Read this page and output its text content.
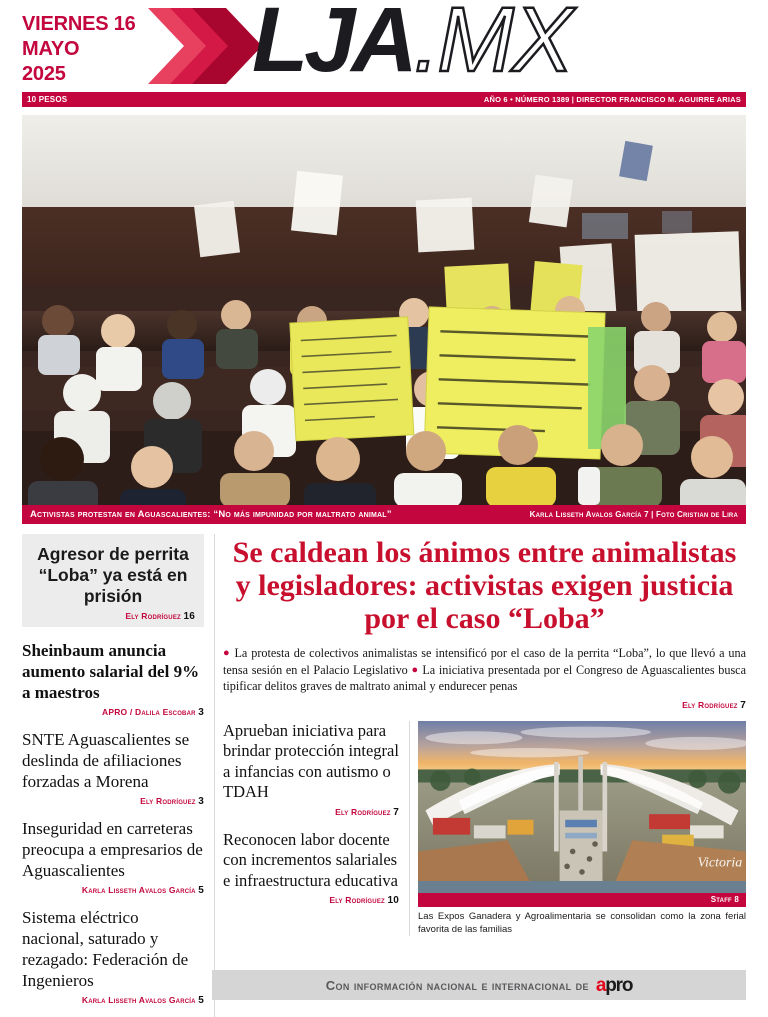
VIERNES 16
MAYO
2025	LJA.MX
10 PESOS	AÑO 6 • NÚMERO 1389 | DIRECTOR FRANCISCO M. AGUIRRE ARIAS
Activistas protestan en Aguascalientes: “No más impunidad por maltrato animal”	Karla Lisseth Avalos García 7 | Foto Cristian de Lira
Agresor de perrita “Loba” ya está en prisión
Ely Rodríguez 16
Sheinbaum anuncia aumento salarial del 9% a maestros
APRO / Dalila Escobar 3
SNTE Aguascalientes se deslinda de afiliaciones forzadas a Morena
Ely Rodríguez 3
Inseguridad en carreteras preocupa a empresarios de Aguascalientes
Karla Lisseth Avalos García 5
Sistema eléctrico nacional, saturado y rezagado: Federación de Ingenieros
Karla Lisseth Avalos García 5
Se caldean los ánimos entre animalistas y legisladores: activistas exigen justicia por el caso “Loba”
● La protesta de colectivos animalistas se intensificó por el caso de la perrita “Loba”, lo que llevó a una tensa sesión en el Palacio Legislativo ● La iniciativa presentada por el Congreso de Aguascalientes busca tipificar delitos graves de maltrato animal y endurecer penas
Ely Rodríguez 7
Aprueban iniciativa para brindar protección integral a infancias con autismo o TDAH
Ely Rodríguez 7
Reconocen labor docente con incrementos salariales e infraestructura educativa
Ely Rodríguez 10
Victoria
Staff 8
Las Expos Ganadera y Agroalimentaria se consolidan como la zona ferial favorita de las familias
Con información nacional e internacional de apro
